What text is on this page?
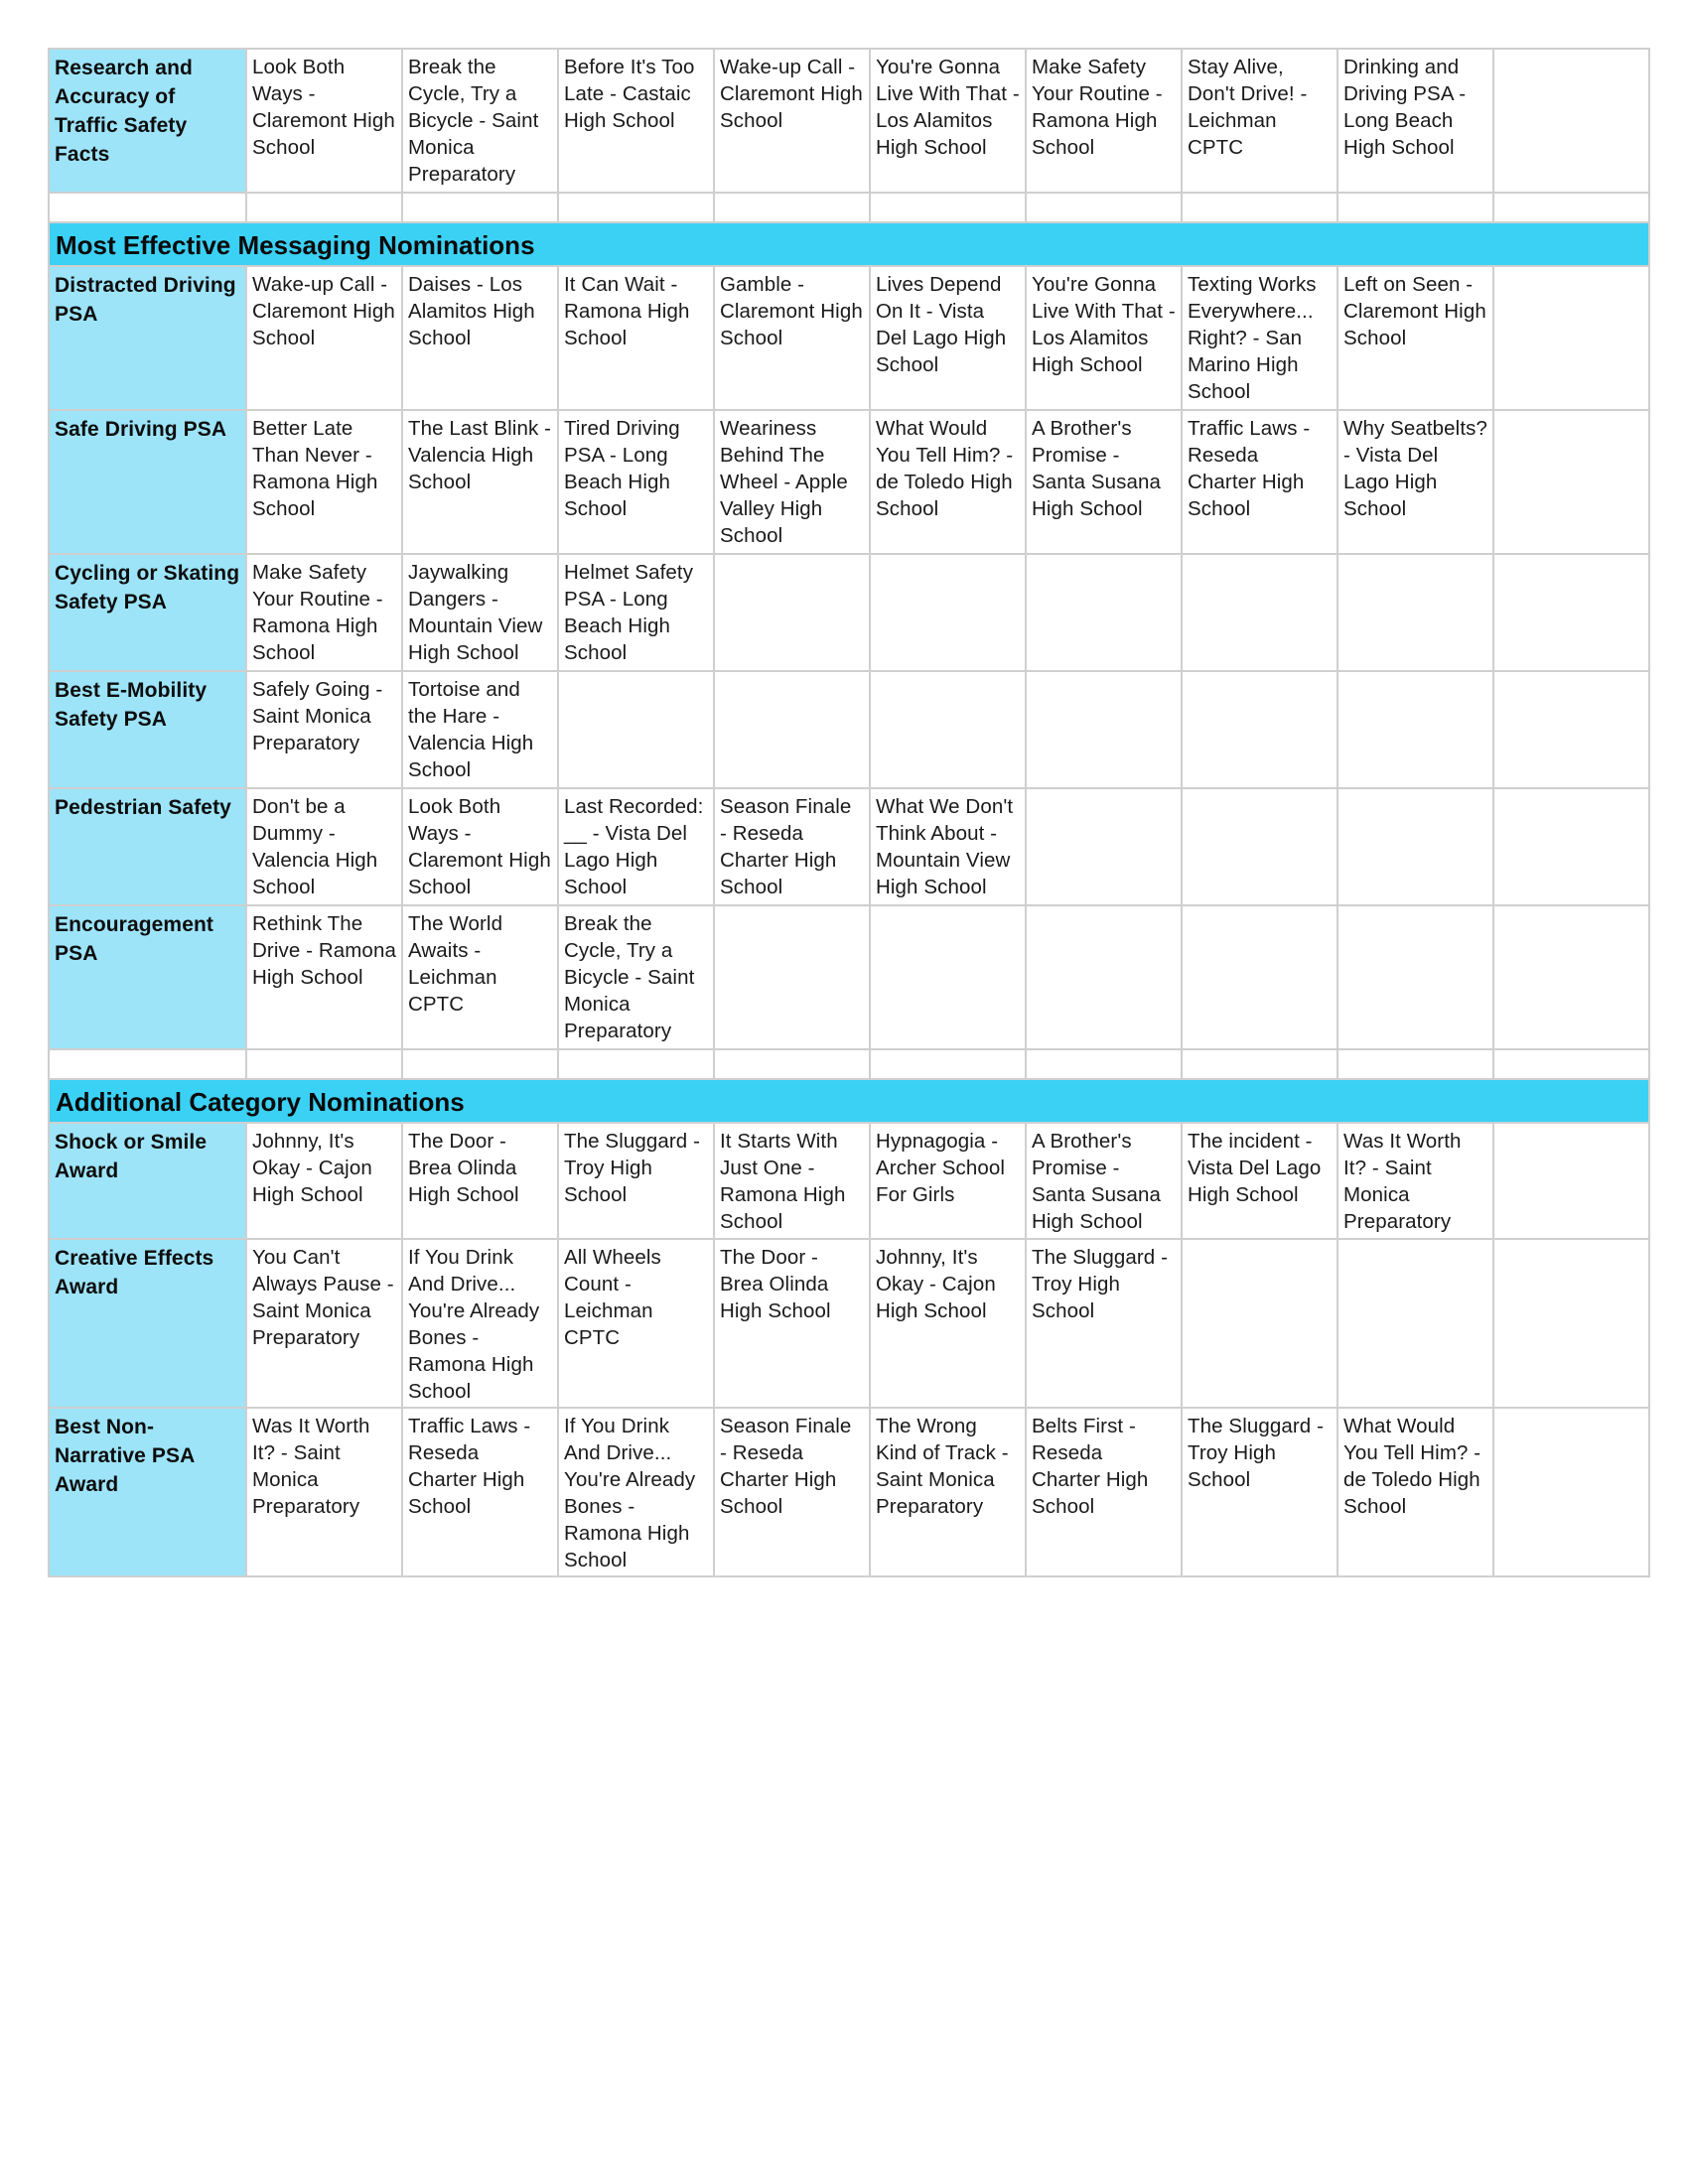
Research and Accuracy of Traffic Safety Facts
Look Both Ways - Claremont High School
Break the Cycle, Try a Bicycle - Saint Monica Preparatory
Before It's Too Late - Castaic High School
Wake-up Call - Claremont High School
You're Gonna Live With That - Los Alamitos High School
Make Safety Your Routine - Ramona High School
Stay Alive, Don't Drive! - Leichman CPTC
Drinking and Driving PSA - Long Beach High School
Most Effective Messaging Nominations
Distracted Driving PSA
Wake-up Call - Claremont High School
Daises - Los Alamitos High School
It Can Wait - Ramona High School
Gamble - Claremont High School
Lives Depend On It - Vista Del Lago High School
You're Gonna Live With That - Los Alamitos High School
Texting Works Everywhere... Right? - San Marino High School
Left on Seen - Claremont High School
Safe Driving PSA	Better Late Than Never - Ramona High School
The Last Blink - Valencia High School
Tired Driving PSA - Long Beach High School
Weariness Behind The Wheel - Apple Valley High School
What Would You Tell Him? - de Toledo High School
A Brother's Promise - Santa Susana High School
Traffic Laws - Reseda Charter High School
Why Seatbelts? - Vista Del Lago High School
Cycling or Skating Safety PSA
Make Safety Your Routine - Ramona High School
Jaywalking Dangers - Mountain View High School
Helmet Safety PSA - Long Beach High School
Best E-Mobility Safety PSA
Safely Going - Saint Monica Preparatory
Tortoise and the Hare - Valencia High School
Pedestrian Safety	Don't be a Dummy - Valencia High School
Look Both Ways - Claremont High School
Last Recorded: __ - Vista Del Lago High School
Season Finale - Reseda Charter High School
What We Don't Think About - Mountain View High School
Encouragement PSA
Rethink The Drive - Ramona High School
The World Awaits - Leichman CPTC
Break the Cycle, Try a Bicycle - Saint Monica Preparatory
Additional Category Nominations
Shock or Smile Award
Johnny, It's Okay - Cajon High School
The Door - Brea Olinda High School
The Sluggard - Troy High School
It Starts With Just One - Ramona High School
Hypnagogia - Archer School For Girls
A Brother's Promise - Santa Susana High School
The incident - Vista Del Lago High School
Was It Worth It? - Saint Monica Preparatory
Creative Effects Award
You Can't Always Pause - Saint Monica Preparatory
If You Drink And Drive... You're Already Bones - Ramona High School
All Wheels Count - Leichman CPTC
The Door - Brea Olinda High School
Johnny, It's Okay - Cajon High School
The Sluggard - Troy High School
Best Non-Narrative PSA Award
Was It Worth It? - Saint Monica Preparatory
Traffic Laws - Reseda Charter High School
If You Drink And Drive... You're Already Bones - Ramona High School
Season Finale - Reseda Charter High School
The Wrong Kind of Track - Saint Monica Preparatory
Belts First - Reseda Charter High School
The Sluggard - Troy High School
What Would You Tell Him? - de Toledo High School
